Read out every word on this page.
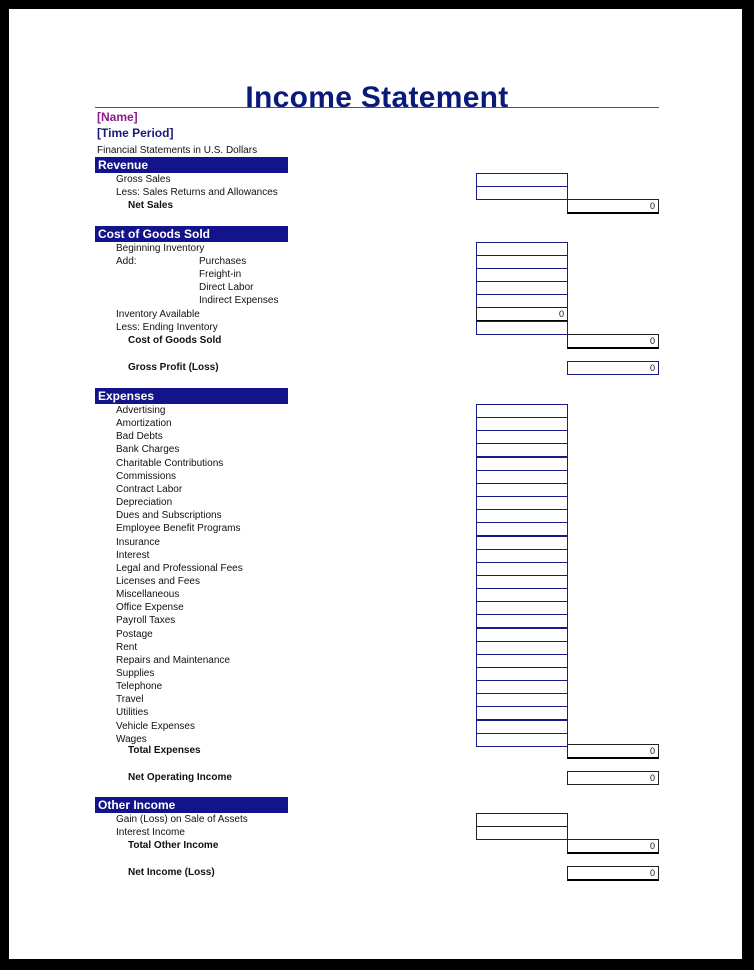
Income Statement
[Name]
[Time Period]
Financial Statements in U.S. Dollars
Revenue
Gross Sales
Less: Sales Returns and Allowances
Net Sales	0
Cost of Goods Sold
Beginning Inventory
Add:	Purchases
Freight-in
Direct Labor
Indirect Expenses
Inventory Available	0
Less: Ending Inventory
Cost of Goods Sold	0
Gross Profit (Loss)	0
Expenses
Advertising
Amortization
Bad Debts
Bank Charges
Charitable Contributions
Commissions
Contract Labor
Depreciation
Dues and Subscriptions
Employee Benefit Programs
Insurance
Interest
Legal and Professional Fees
Licenses and Fees
Miscellaneous
Office Expense
Payroll Taxes
Postage
Rent
Repairs and Maintenance
Supplies
Telephone
Travel
Utilities
Vehicle Expenses
Wages
Total Expenses	0
Net Operating Income	0
Other Income
Gain (Loss) on Sale of Assets
Interest Income
Total Other Income	0
Net Income (Loss)	0
